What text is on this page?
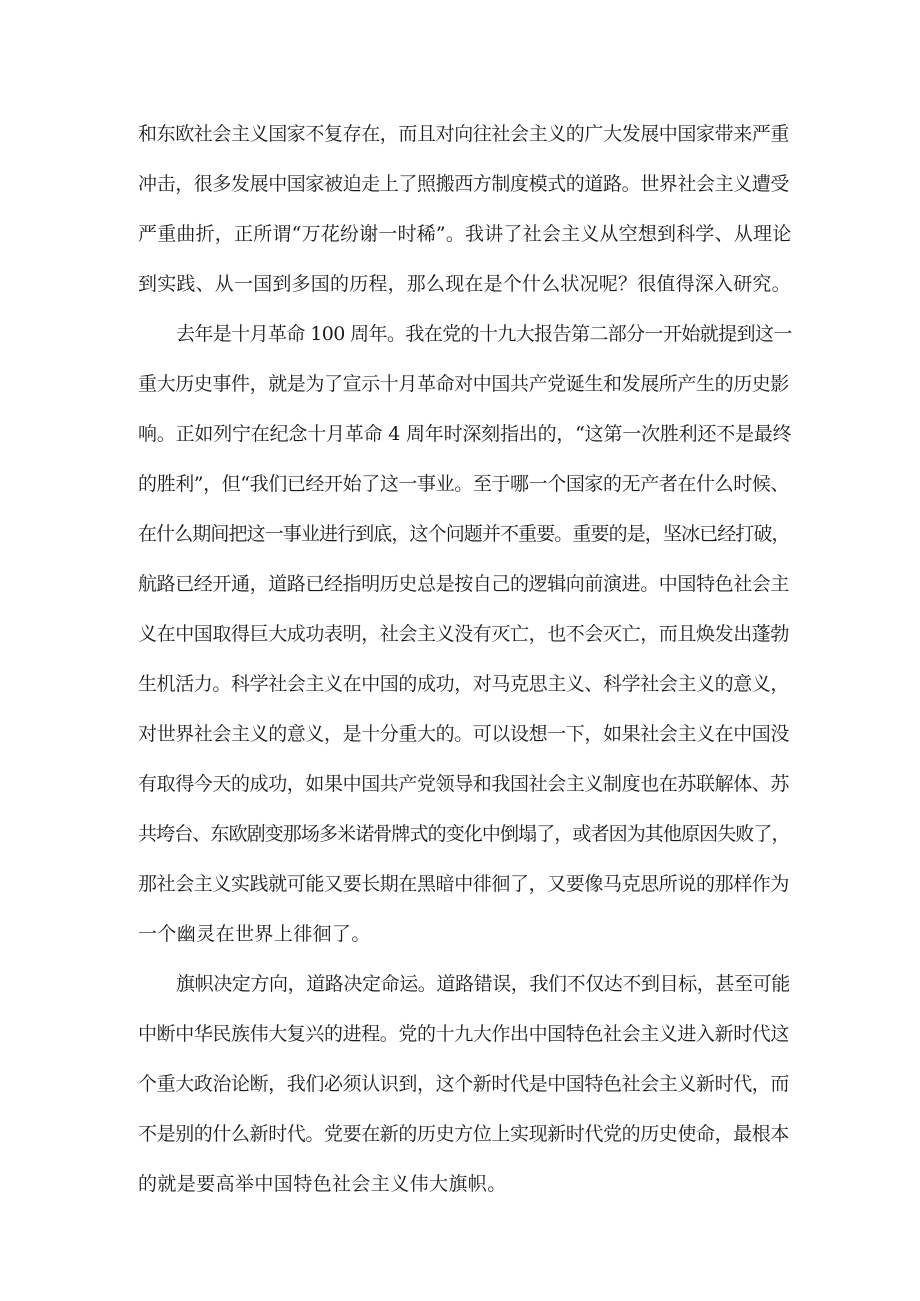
和东欧社会主义国家不复存在，而且对向往社会主义的广大发展中国家带来严重
冲击，很多发展中国家被迫走上了照搬西方制度模式的道路。世界社会主义遭受
严重曲折，正所谓“万花纷谢一时稀”。我讲了社会主义从空想到科学、从理论
到实践、从一国到多国的历程，那么现在是个什么状况呢？很值得深入研究。
去年是十月革命 100 周年。我在党的十九大报告第二部分一开始就提到这一
重大历史事件，就是为了宣示十月革命对中国共产党诞生和发展所产生的历史影
响。正如列宁在纪念十月革命 4 周年时深刻指出的，“这第一次胜利还不是最终
的胜利”，但“我们已经开始了这一事业。至于哪一个国家的无产者在什么时候、
在什么期间把这一事业进行到底，这个问题并不重要。重要的是，坚冰已经打破，
航路已经开通，道路已经指明历史总是按自己的逻辑向前演进。中国特色社会主
义在中国取得巨大成功表明，社会主义没有灭亡，也不会灭亡，而且焕发出蓬勃
生机活力。科学社会主义在中国的成功，对马克思主义、科学社会主义的意义，
对世界社会主义的意义，是十分重大的。可以设想一下，如果社会主义在中国没
有取得今天的成功，如果中国共产党领导和我国社会主义制度也在苏联解体、苏
共垮台、东欧剧变那场多米诺骨牌式的变化中倒塌了，或者因为其他原因失败了，
那社会主义实践就可能又要长期在黑暗中徘徊了，又要像马克思所说的那样作为
一个幽灵在世界上徘徊了。
旗帜决定方向，道路决定命运。道路错误，我们不仅达不到目标，甚至可能
中断中华民族伟大复兴的进程。党的十九大作出中国特色社会主义进入新时代这
个重大政治论断，我们必须认识到，这个新时代是中国特色社会主义新时代，而
不是别的什么新时代。党要在新的历史方位上实现新时代党的历史使命，最根本
的就是要高举中国特色社会主义伟大旗帜。
